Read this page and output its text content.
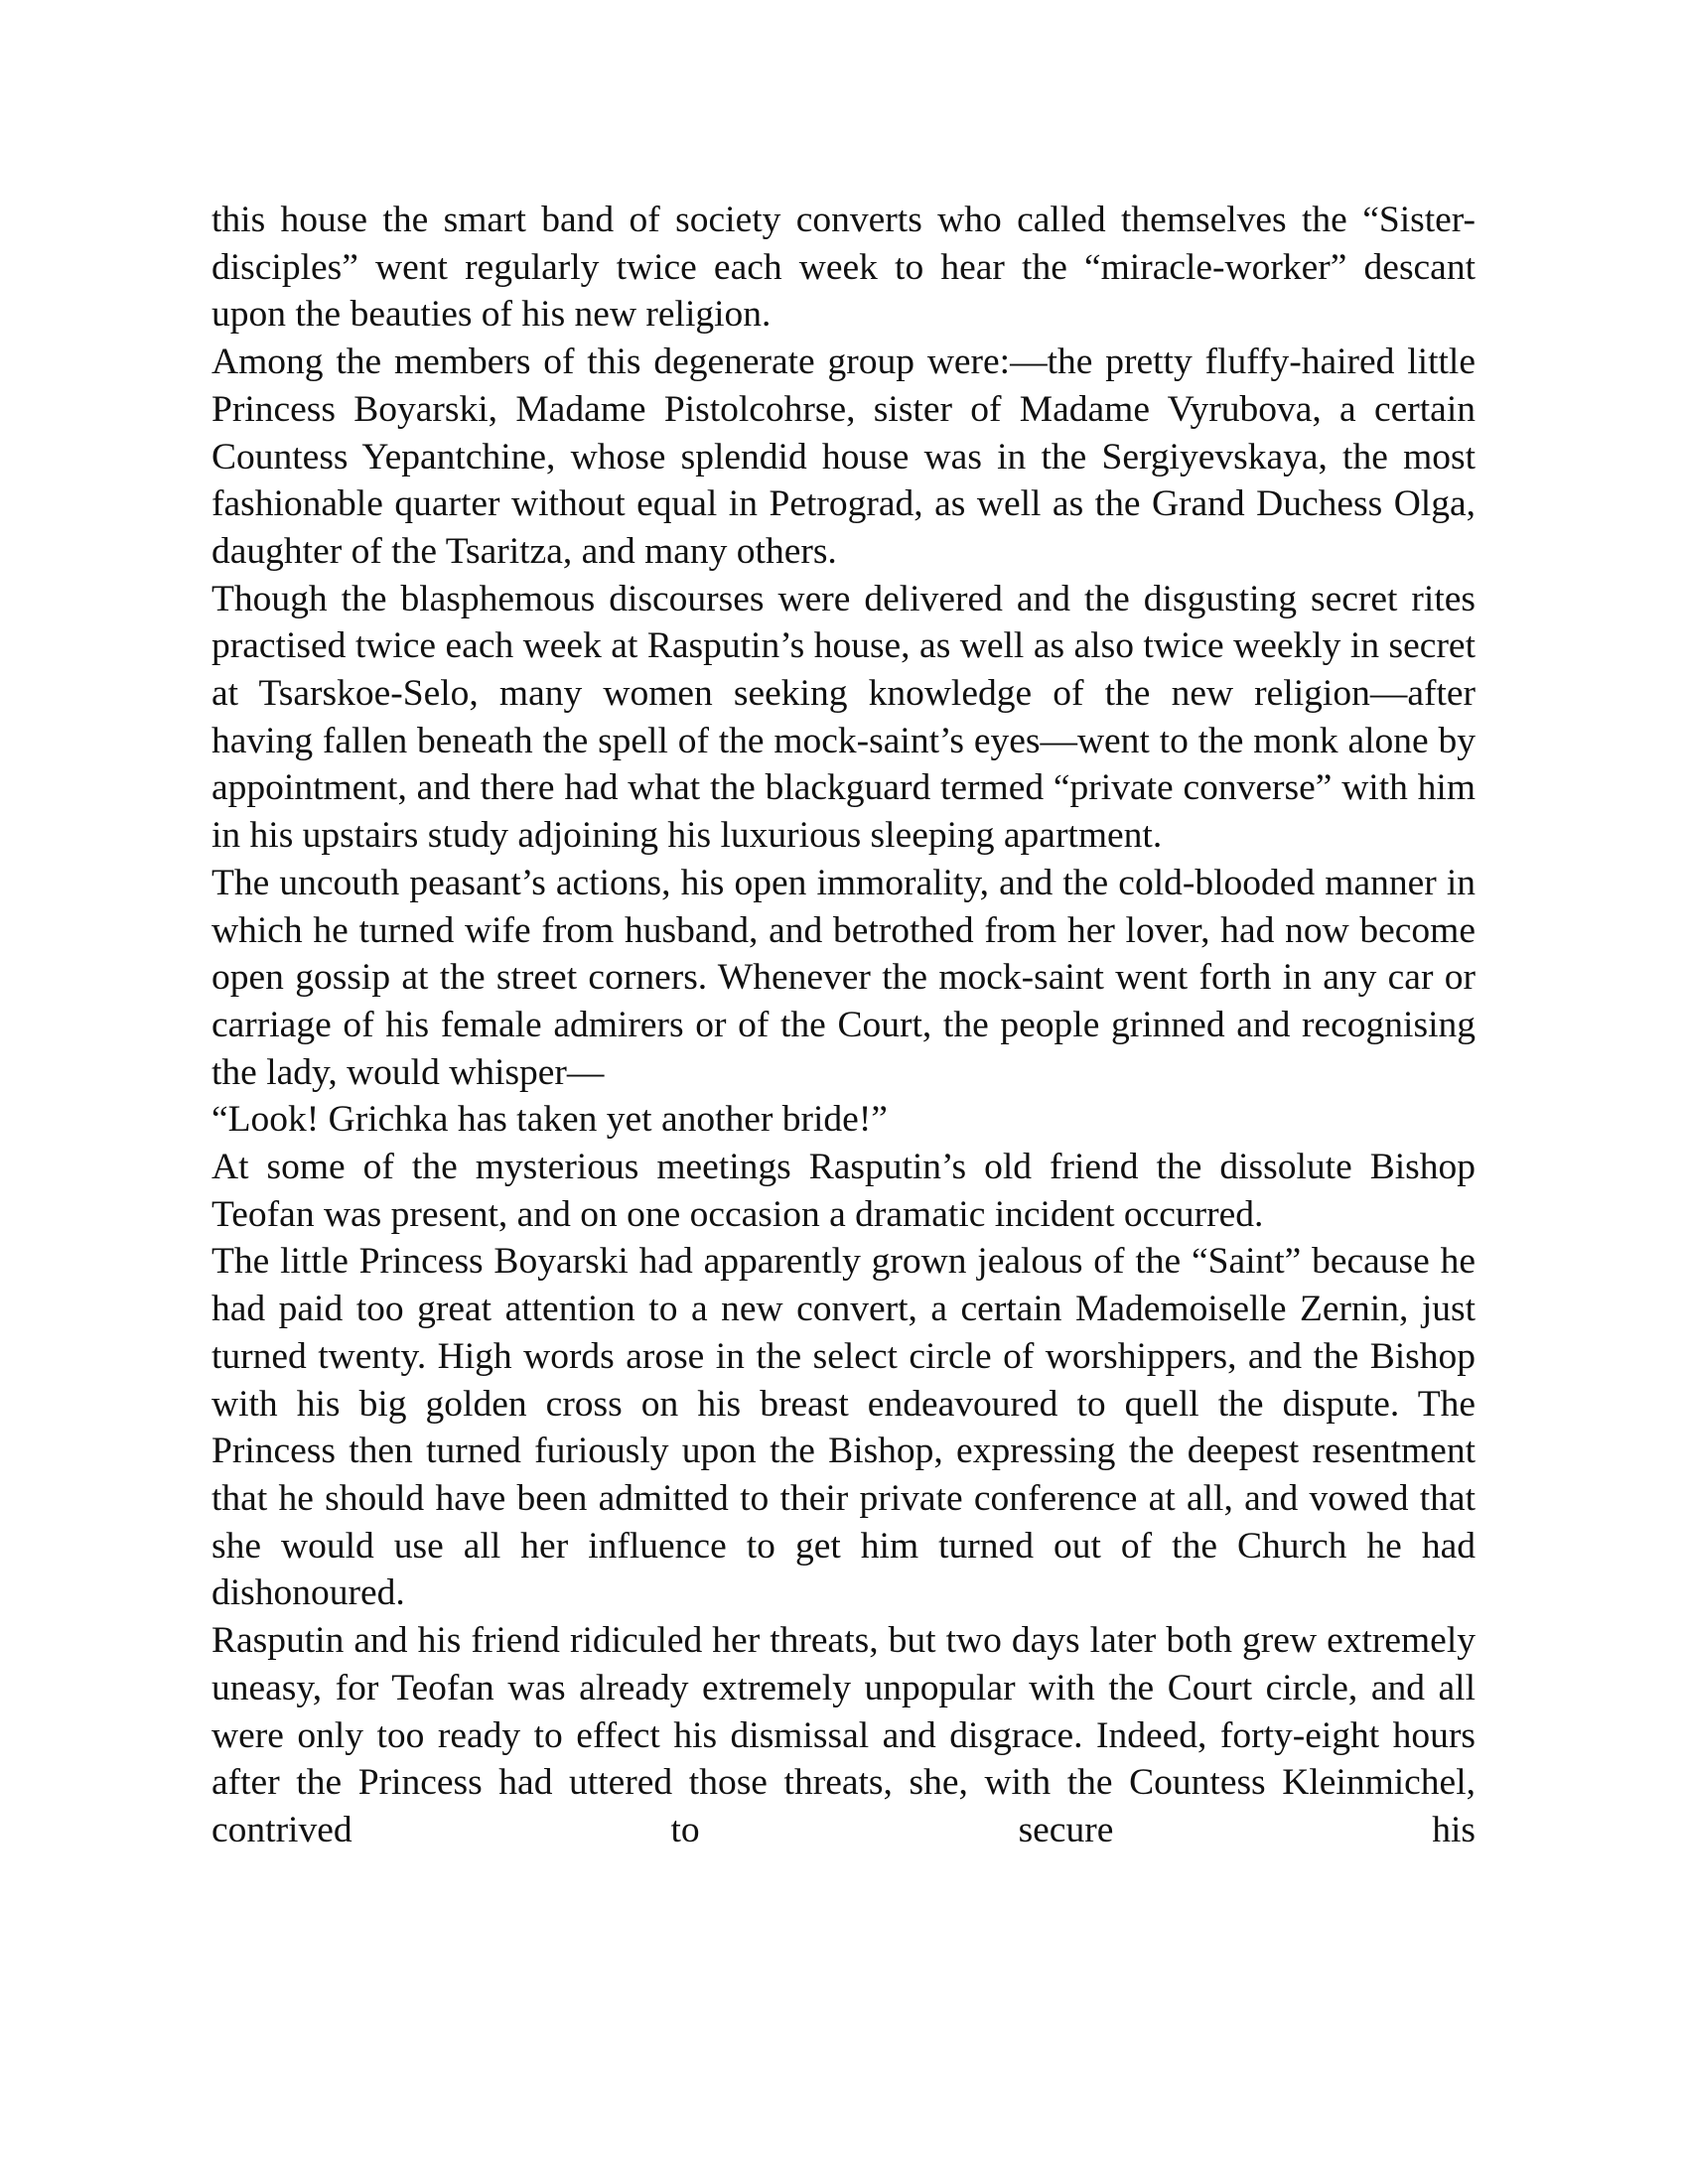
this house the smart band of society converts who called themselves the “Sister-disciples” went regularly twice each week to hear the “miracle-worker” descant upon the beauties of his new religion.

Among the members of this degenerate group were:—the pretty fluffy-haired little Princess Boyarski, Madame Pistolcohrse, sister of Madame Vyrubova, a certain Countess Yepantchine, whose splendid house was in the Sergiyevskaya, the most fashionable quarter without equal in Petrograd, as well as the Grand Duchess Olga, daughter of the Tsaritza, and many others.

Though the blasphemous discourses were delivered and the disgusting secret rites practised twice each week at Rasputin’s house, as well as also twice weekly in secret at Tsarskoe-Selo, many women seeking knowledge of the new religion—after having fallen beneath the spell of the mock-saint’s eyes—went to the monk alone by appointment, and there had what the blackguard termed “private converse” with him in his upstairs study adjoining his luxurious sleeping apartment.

The uncouth peasant’s actions, his open immorality, and the cold-blooded manner in which he turned wife from husband, and betrothed from her lover, had now become open gossip at the street corners. Whenever the mock-saint went forth in any car or carriage of his female admirers or of the Court, the people grinned and recognising the lady, would whisper—

“Look! Grichka has taken yet another bride!”

At some of the mysterious meetings Rasputin’s old friend the dissolute Bishop Teofan was present, and on one occasion a dramatic incident occurred.

The little Princess Boyarski had apparently grown jealous of the “Saint” because he had paid too great attention to a new convert, a certain Mademoiselle Zernin, just turned twenty. High words arose in the select circle of worshippers, and the Bishop with his big golden cross on his breast endeavoured to quell the dispute. The Princess then turned furiously upon the Bishop, expressing the deepest resentment that he should have been admitted to their private conference at all, and vowed that she would use all her influence to get him turned out of the Church he had dishonoured.

Rasputin and his friend ridiculed her threats, but two days later both grew extremely uneasy, for Teofan was already extremely unpopular with the Court circle, and all were only too ready to effect his dismissal and disgrace. Indeed, forty-eight hours after the Princess had uttered those threats, she, with the Countess Kleinmichel, contrived to secure his
